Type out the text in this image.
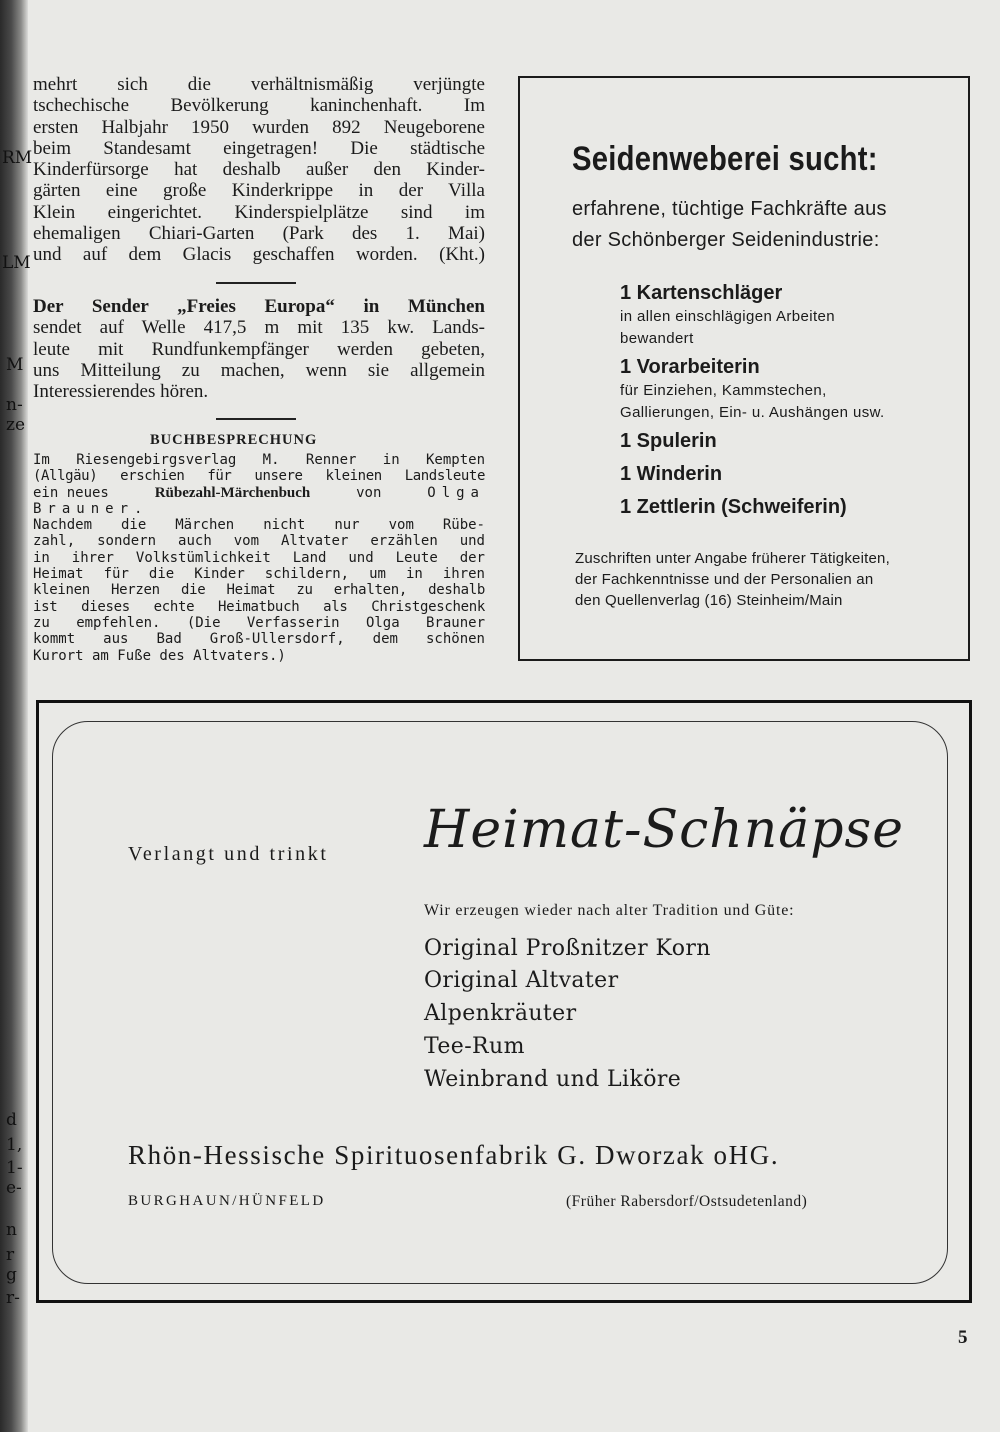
RM
LM
M
n-
ze
d
1,
1-
e-
n
r
g
r-

mehrt sich die verhältnismäßig verjüngte

tschechische Bevölkerung kaninchenhaft. Im

ersten Halbjahr 1950 wurden 892 Neugeborene

beim Standesamt eingetragen! Die städtische

Kinderfürsorge hat deshalb außer den Kinder-

gärten eine große Kinderkrippe in der Villa

Klein eingerichtet. Kinderspielplätze sind im

ehemaligen Chiari-Garten (Park des 1. Mai)

und auf dem Glacis geschaffen worden. (Kht.)

Der Sender „Freies Europa“ in München
sendet auf Welle 417,5 m mit 135 kw. Lands-
leute mit Rundfunkempfänger werden gebeten,
uns Mitteilung zu machen, wenn sie allgemein
Interessierendes hören.
BUCHBESPRECHUNG
Im Riesengebirgsverlag M. Renner in Kempten
(Allgäu) erschien für unsere kleinen Landsleute
ein neues	Rübezahl-Märchenbuch	von	Olga
Brauner.
Nachdem die Märchen nicht nur vom Rübe-
zahl, sondern auch vom Altvater erzählen und
in ihrer Volkstümlichkeit Land und Leute der
Heimat für die Kinder schildern, um in ihren
kleinen Herzen die Heimat zu erhalten, deshalb
ist dieses echte Heimatbuch als Christgeschenk
zu empfehlen. (Die Verfasserin Olga Brauner
kommt aus Bad Groß-Ullersdorf, dem schönen
Kurort am Fuße des Altvaters.)
Seidenweberei sucht:
erfahrene, tüchtige Fachkräfte aus
der Schönberger Seidenindustrie:
1 Kartenschläger
in allen einschlägigen Arbeiten
bewandert
1 Vorarbeiterin
für Einziehen, Kammstechen,
Gallierungen, Ein- u. Aushängen usw.
1 Spulerin
1 Winderin
1 Zettlerin (Schweiferin)
Zuschriften unter Angabe früherer Tätigkeiten,
der Fachkenntnisse und der Personalien an
den Quellenverlag (16) Steinheim/Main
Verlangt und trinkt Heimat-Schnäpse
Wir erzeugen wieder nach alter Tradition und Güte:
Original Proßnitzer Korn
Original Altvater
Alpenkräuter
Tee-Rum
Weinbrand und Liköre
Rhön-Hessische Spirituosenfabrik G. Dworzak oHG.
BURGHAUN/HÜNFELD	(Früher Rabersdorf/Ostsudetenland)
5
